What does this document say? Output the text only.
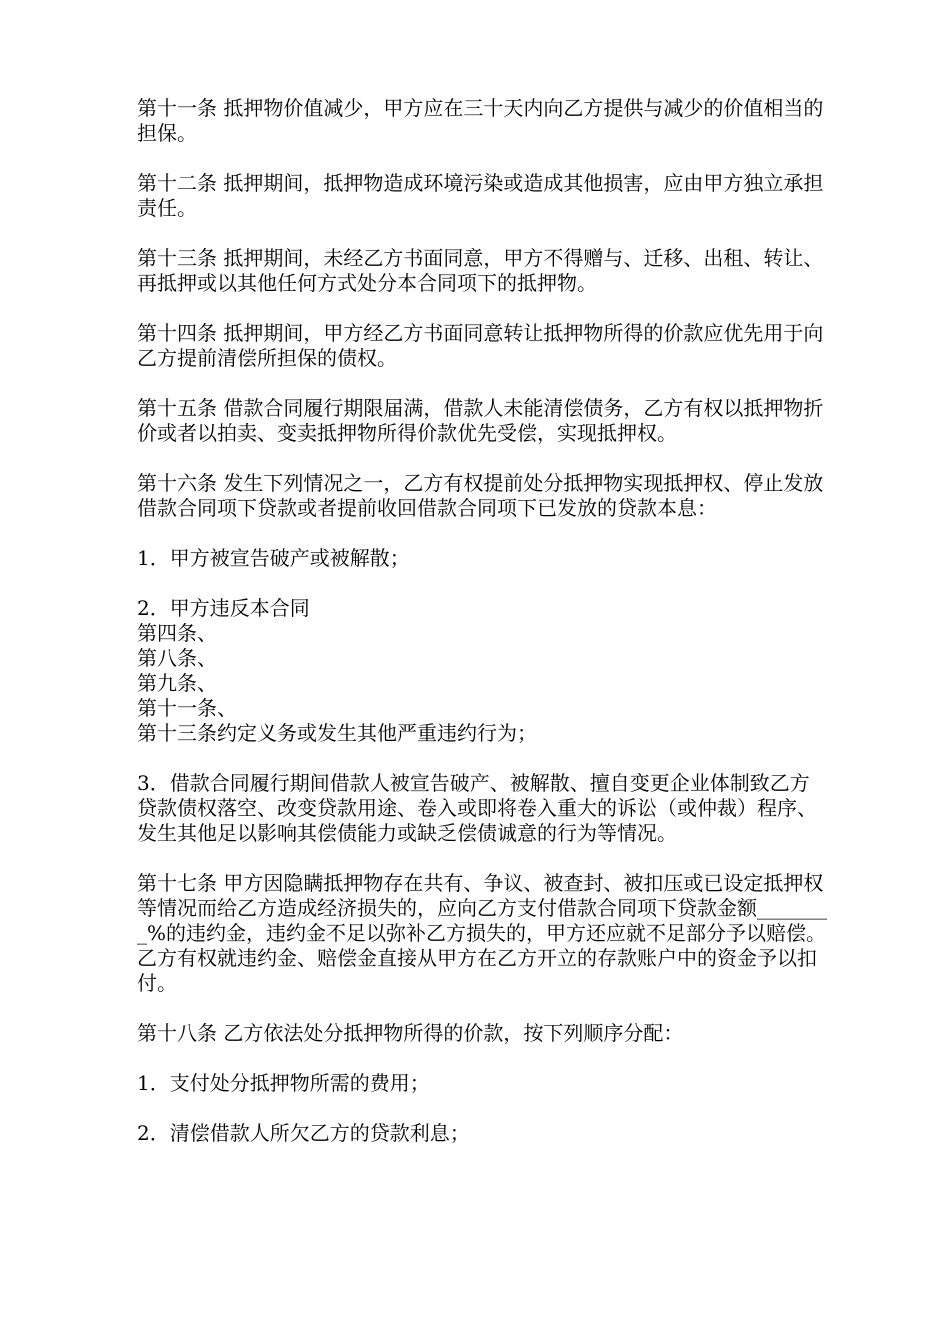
第十一条 抵押物价值减少，甲方应在三十天内向乙方提供与减少的价值相当的担保。

第十二条 抵押期间，抵押物造成环境污染或造成其他损害，应由甲方独立承担责任。

第十三条 抵押期间，未经乙方书面同意，甲方不得赠与、迁移、出租、转让、再抵押或以其他任何方式处分本合同项下的抵押物。

第十四条 抵押期间，甲方经乙方书面同意转让抵押物所得的价款应优先用于向乙方提前清偿所担保的债权。

第十五条 借款合同履行期限届满，借款人未能清偿债务，乙方有权以抵押物折价或者以拍卖、变卖抵押物所得价款优先受偿，实现抵押权。

第十六条 发生下列情况之一，乙方有权提前处分抵押物实现抵押权、停止发放借款合同项下贷款或者提前收回借款合同项下已发放的贷款本息：

1．甲方被宣告破产或被解散；

2．甲方违反本合同

第四条、

第八条、

第九条、

第十一条、

第十三条约定义务或发生其他严重违约行为；

3．借款合同履行期间借款人被宣告破产、被解散、擅自变更企业体制致乙方贷款债权落空、改变贷款用途、卷入或即将卷入重大的诉讼（或仲裁）程序、发生其他足以影响其偿债能力或缺乏偿债诚意的行为等情况。

第十七条 甲方因隐瞒抵押物存在共有、争议、被查封、被扣压或已设定抵押权等情况而给乙方造成经济损失的，应向乙方支付借款合同项下贷款金额________%的违约金，违约金不足以弥补乙方损失的，甲方还应就不足部分予以赔偿。乙方有权就违约金、赔偿金直接从甲方在乙方开立的存款账户中的资金予以扣付。

第十八条 乙方依法处分抵押物所得的价款，按下列顺序分配：

1．支付处分抵押物所需的费用；

2．清偿借款人所欠乙方的贷款利息；
